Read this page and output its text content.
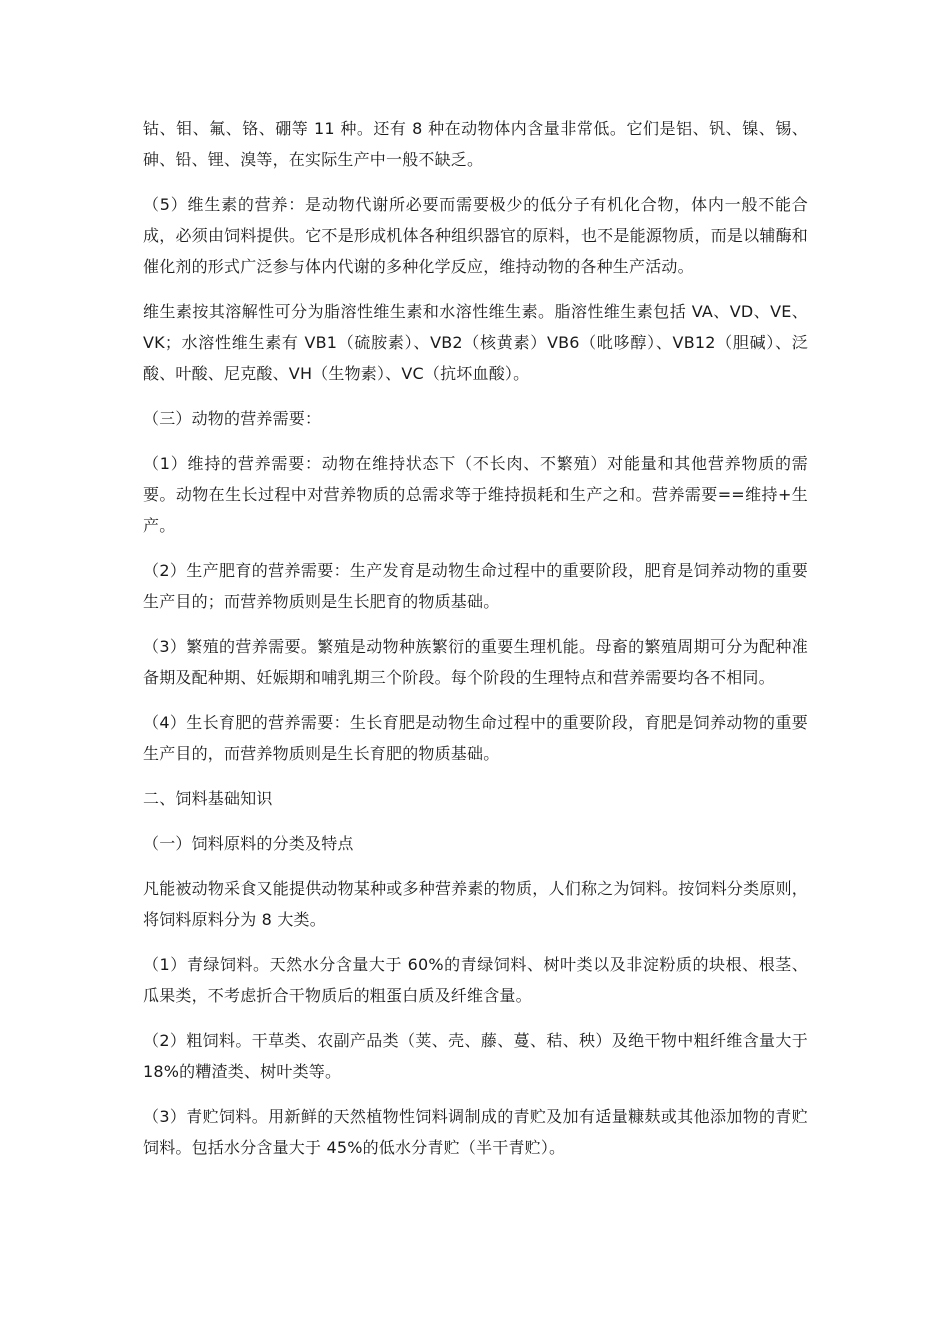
钴、钼、氟、铬、硼等 11 种。还有 8 种在动物体内含量非常低。它们是铝、钒、镍、锡、砷、铅、锂、溴等，在实际生产中一般不缺乏。

（5）维生素的营养：是动物代谢所必要而需要极少的低分子有机化合物，体内一般不能合成，必须由饲料提供。它不是形成机体各种组织器官的原料，也不是能源物质，而是以辅酶和催化剂的形式广泛参与体内代谢的多种化学反应，维持动物的各种生产活动。

维生素按其溶解性可分为脂溶性维生素和水溶性维生素。脂溶性维生素包括 VA、VD、VE、VK；水溶性维生素有 VB1（硫胺素）、VB2（核黄素）VB6（吡哆醇）、VB12（胆碱）、泛酸、叶酸、尼克酸、VH（生物素）、VC（抗坏血酸）。

（三）动物的营养需要：

（1）维持的营养需要：动物在维持状态下（不长肉、不繁殖）对能量和其他营养物质的需要。动物在生长过程中对营养物质的总需求等于维持损耗和生产之和。营养需要==维持+生产。

（2）生产肥育的营养需要：生产发育是动物生命过程中的重要阶段，肥育是饲养动物的重要生产目的；而营养物质则是生长肥育的物质基础。

（3）繁殖的营养需要。繁殖是动物种族繁衍的重要生理机能。母畜的繁殖周期可分为配种准备期及配种期、妊娠期和哺乳期三个阶段。每个阶段的生理特点和营养需要均各不相同。

（4）生长育肥的营养需要：生长育肥是动物生命过程中的重要阶段，育肥是饲养动物的重要生产目的，而营养物质则是生长育肥的物质基础。

二、饲料基础知识

（一）饲料原料的分类及特点

凡能被动物采食又能提供动物某种或多种营养素的物质，人们称之为饲料。按饲料分类原则，将饲料原料分为 8 大类。

（1）青绿饲料。天然水分含量大于 60%的青绿饲料、树叶类以及非淀粉质的块根、根茎、瓜果类，不考虑折合干物质后的粗蛋白质及纤维含量。

（2）粗饲料。干草类、农副产品类（荚、壳、藤、蔓、秸、秧）及绝干物中粗纤维含量大于 18%的糟渣类、树叶类等。

（3）青贮饲料。用新鲜的天然植物性饲料调制成的青贮及加有适量糠麸或其他添加物的青贮饲料。包括水分含量大于 45%的低水分青贮（半干青贮）。
